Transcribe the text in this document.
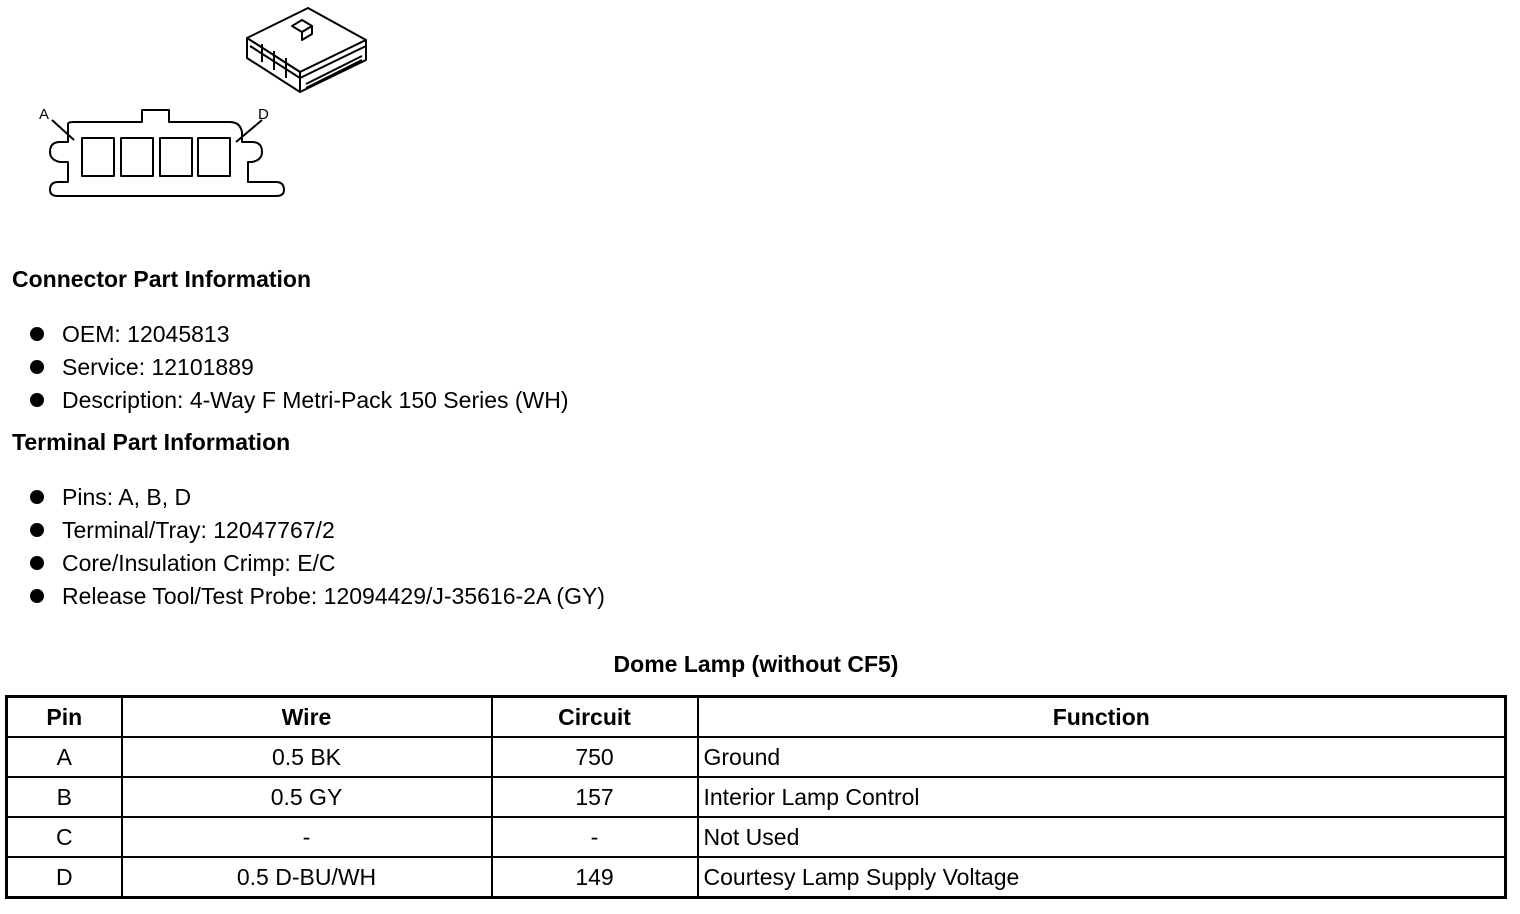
A	D
Connector Part Information
OEM: 12045813
Service: 12101889
Description: 4-Way F Metri-Pack 150 Series (WH)
Terminal Part Information
Pins: A, B, D
Terminal/Tray: 12047767/2
Core/Insulation Crimp: E/C
Release Tool/Test Probe: 12094429/J-35616-2A (GY)
Dome Lamp (without CF5)
Pin	Wire	Circuit	Function
A	0.5 BK	750	Ground
B	0.5 GY	157	Interior Lamp Control
C	-	-	Not Used
D	0.5 D-BU/WH	149	Courtesy Lamp Supply Voltage
